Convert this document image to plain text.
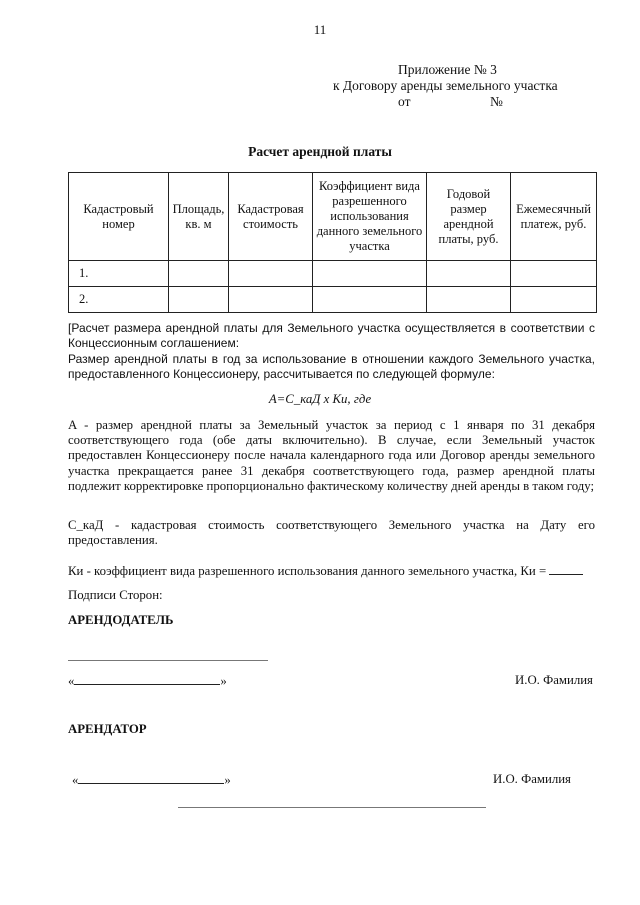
11
Приложение № 3
к Договору аренды земельного участка
от	№
Расчет арендной платы
Кадастровый номер	Площадь, кв. м	Кадастровая стоимость	Коэффициент вида разрешенного использования данного земельного участка	Годовой размер арендной платы, руб.	Ежемесячный платеж, руб.
1.					
2.					
[Расчет размера арендной платы для Земельного участка осуществляется в соответствии с Концессионным соглашением:
Размер арендной платы в год за использование в отношении каждого Земельного участка, предоставленного Концессионеру, рассчитывается по следующей формуле:
A=C_каД x Ки, где
A - размер арендной платы за Земельный участок за период с 1 января по 31 декабря соответствующего года (обе даты включительно). В случае, если Земельный участок предоставлен Концессионеру после начала календарного года или Договор аренды земельного участка прекращается ранее 31 декабря соответствующего года, размер арендной платы подлежит корректировке пропорционально фактическому количеству дней аренды в таком году;
C_каД - кадастровая стоимость соответствующего Земельного участка на Дату его предоставления.
Ки - коэффициент вида разрешенного использования данного земельного участка, Ки =
Подписи Сторон:
АРЕНДОДАТЕЛЬ
«	»	И.О. Фамилия
АРЕНДАТОР
«	»	И.О. Фамилия
